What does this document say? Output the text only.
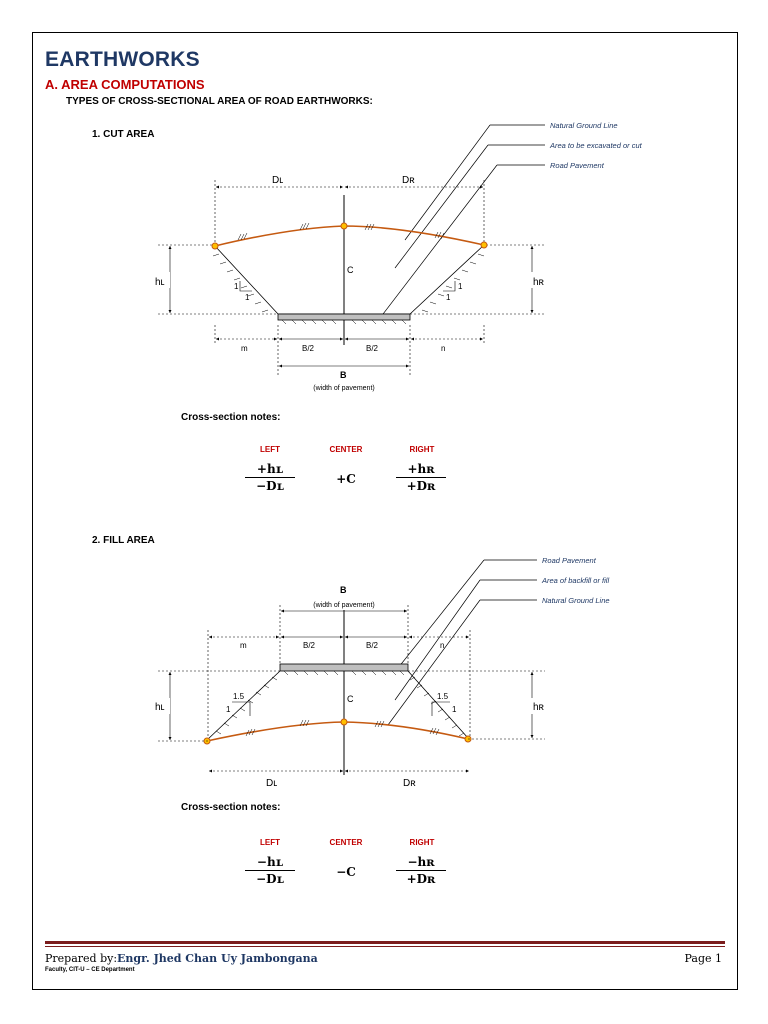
EARTHWORKS
A. AREA COMPUTATIONS
TYPES OF CROSS-SECTIONAL AREA OF ROAD EARTHWORKS:
1. CUT AREA
Natural Ground Line
Area to be excavated or cut
Road Pavement
Dʟ	Dʀ
C
hʟ	hʀ
1
1
1
1
m	B/2	B/2	n
B
(width of pavement)
Cross-section notes:
LEFT	CENTER	RIGHT
$\frac{\text{+hʟ}}{\text{−Dʟ}}$	+C	$\frac{\text{+hʀ}}{\text{+Dʀ}}$
2. FILL AREA
Road Pavement
Area of backfill or fill
Natural Ground Line
B
(width of pavement)
m	B/2	B/2	n
C
1.5
1
1.5
1
hʟ	hʀ
Dʟ	Dʀ
Cross-section notes:
LEFT	CENTER	RIGHT
$\frac{\text{−hʟ}}{\text{−Dʟ}}$	−C	$\frac{\text{−hʀ}}{\text{+Dʀ}}$
Prepared by:Engr. Jhed Chan Uy Jambongana
Faculty, CIT-U – CE Department
Page 1
